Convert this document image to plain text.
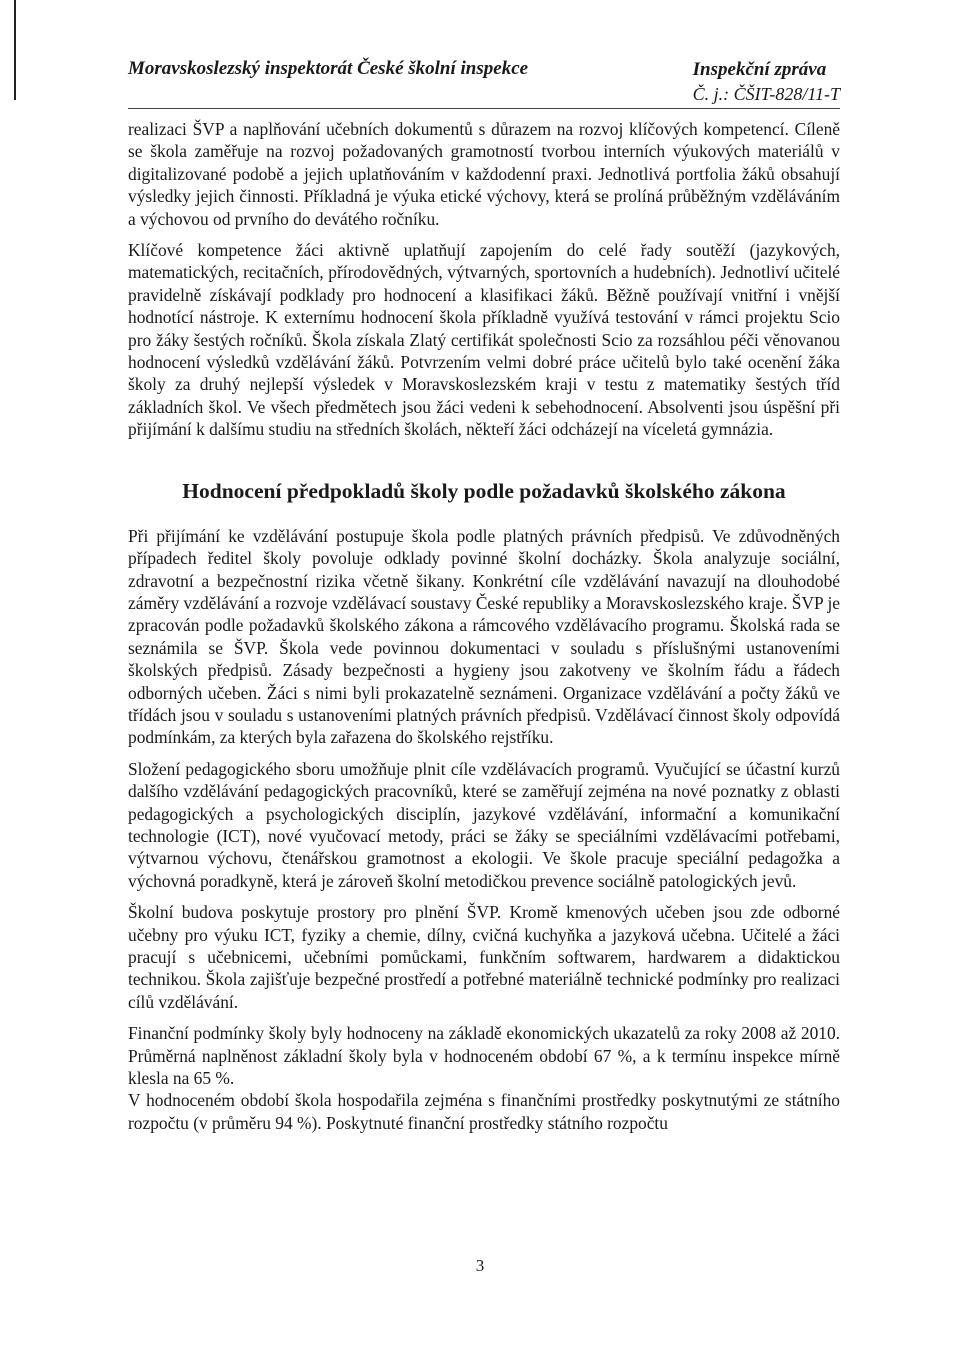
Moravskoslezský inspektorát České školní inspekce	Inspekční zpráva
Č. j.: ČŠIT-828/11-T

realizaci ŠVP a naplňování učebních dokumentů s důrazem na rozvoj klíčových kompetencí. Cíleně se škola zaměřuje na rozvoj požadovaných gramotností tvorbou interních výukových materiálů v digitalizované podobě a jejich uplatňováním v každodenní praxi. Jednotlivá portfolia žáků obsahují výsledky jejich činnosti. Příkladná je výuka etické výchovy, která se prolíná průběžným vzděláváním a výchovou od prvního do devátého ročníku.

Klíčové kompetence žáci aktivně uplatňují zapojením do celé řady soutěží (jazykových, matematických, recitačních, přírodovědných, výtvarných, sportovních a hudebních). Jednotliví učitelé pravidelně získávají podklady pro hodnocení a klasifikaci žáků. Běžně používají vnitřní i vnější hodnotící nástroje. K externímu hodnocení škola příkladně využívá testování v rámci projektu Scio pro žáky šestých ročníků. Škola získala Zlatý certifikát společnosti Scio za rozsáhlou péči věnovanou hodnocení výsledků vzdělávání žáků. Potvrzením velmi dobré práce učitelů bylo také ocenění žáka školy za druhý nejlepší výsledek v Moravskoslezském kraji v testu z matematiky šestých tříd základních škol. Ve všech předmětech jsou žáci vedeni k sebehodnocení. Absolventi jsou úspěšní při přijímání k dalšímu studiu na středních školách, někteří žáci odcházejí na víceletá gymnázia.

Hodnocení předpokladů školy podle požadavků školského zákona

Při přijímání ke vzdělávání postupuje škola podle platných právních předpisů. Ve zdůvodněných případech ředitel školy povoluje odklady povinné školní docházky. Škola analyzuje sociální, zdravotní a bezpečnostní rizika včetně šikany. Konkrétní cíle vzdělávání navazují na dlouhodobé záměry vzdělávání a rozvoje vzdělávací soustavy České republiky a Moravskoslezského kraje. ŠVP je zpracován podle požadavků školského zákona a rámcového vzdělávacího programu. Školská rada se seznámila se ŠVP. Škola vede povinnou dokumentaci v souladu s příslušnými ustanoveními školských předpisů. Zásady bezpečnosti a hygieny jsou zakotveny ve školním řádu a řádech odborných učeben. Žáci s nimi byli prokazatelně seznámeni. Organizace vzdělávání a počty žáků ve třídách jsou v souladu s ustanoveními platných právních předpisů. Vzdělávací činnost školy odpovídá podmínkám, za kterých byla zařazena do školského rejstříku.

Složení pedagogického sboru umožňuje plnit cíle vzdělávacích programů. Vyučující se účastní kurzů dalšího vzdělávání pedagogických pracovníků, které se zaměřují zejména na nové poznatky z oblasti pedagogických a psychologických disciplín, jazykové vzdělávání, informační a komunikační technologie (ICT), nové vyučovací metody, práci se žáky se speciálními vzdělávacími potřebami, výtvarnou výchovu, čtenářskou gramotnost a ekologii. Ve škole pracuje speciální pedagožka a výchovná poradkyně, která je zároveň školní metodičkou prevence sociálně patologických jevů.

Školní budova poskytuje prostory pro plnění ŠVP. Kromě kmenových učeben jsou zde odborné učebny pro výuku ICT, fyziky a chemie, dílny, cvičná kuchyňka a jazyková učebna. Učitelé a žáci pracují s učebnicemi, učebními pomůckami, funkčním softwarem, hardwarem a didaktickou technikou. Škola zajišťuje bezpečné prostředí a potřebné materiálně technické podmínky pro realizaci cílů vzdělávání.

Finanční podmínky školy byly hodnoceny na základě ekonomických ukazatelů za roky 2008 až 2010. Průměrná naplněnost základní školy byla v hodnoceném období 67 %, a k termínu inspekce mírně klesla na 65 %.

V hodnoceném období škola hospodařila zejména s finančními prostředky poskytnutými ze státního rozpočtu (v průměru 94 %). Poskytnuté finanční prostředky státního rozpočtu

3
